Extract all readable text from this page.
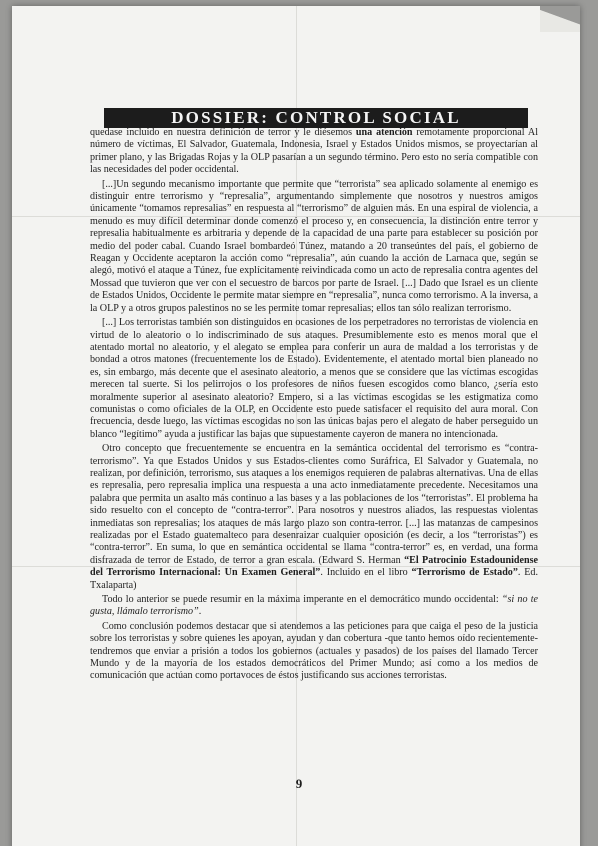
DOSSIER: CONTROL SOCIAL

quedase incluido en nuestra definición de terror y le diésemos una atención remotamente proporcional Al número de víctimas, El Salvador, Guatemala, Indonesia, Israel y Estados Unidos mismos, se proyectarían al primer plano, y las Brigadas Rojas y la OLP pasarían a un segundo término. Pero esto no sería compatible con las necesidades del poder occidental.

[...]Un segundo mecanismo importante que permite que “terrorista” sea aplicado solamente al enemigo es distinguir entre terrorismo y “represalia”, argumentando simplemente que nosotros y nuestros amigos únicamente “tomamos represalias” en respuesta al “terrorismo” de alguien más. En una espiral de violencia, a menudo es muy difícil determinar donde comenzó el proceso y, en consecuencia, la distinción entre terror y represalia habitualmente es arbitraria y depende de la capacidad de una parte para establecer su posición por medio del poder cabal. Cuando Israel bombardeó Túnez, matando a 20 transeúntes del país, el gobierno de Reagan y Occidente aceptaron la acción como “represalia”, aún cuando la acción de Larnaca que, según se alegó, motivó el ataque a Túnez, fue explícitamente reivindicada como un acto de represalia contra agentes del Mossad que tuvieron que ver con el secuestro de barcos por parte de Israel. [...] Dado que Israel es un cliente de Estados Unidos, Occidente le permite matar siempre en “represalia”, nunca como terrorismo. A la inversa, a la OLP y a otros grupos palestinos no se les permite tomar represalias; ellos tan sólo realizan terrorismo.

[...] Los terroristas también son distinguidos en ocasiones de los perpetradores no terroristas de violencia en virtud de lo aleatorio o lo indiscriminado de sus ataques. Presumiblemente esto es menos moral que el atentado mortal no aleatorio, y el alegato se emplea para conferir un aura de maldad a los terroristas y de bondad a otros matones (frecuentemente los de Estado). Evidentemente, el atentado mortal bien planeado no es, sin embargo, más decente que el asesinato aleatorio, a menos que se considere que las víctimas escogidas merecen tal suerte. Si los pelirrojos o los profesores de niños fuesen escogidos como blanco, ¿sería esto moralmente superior al asesinato aleatorio? Empero, si a las víctimas escogidas se les estigmatiza como comunistas o como oficiales de la OLP, en Occidente esto puede satisfacer el requisito del aura moral. Con frecuencia, desde luego, las víctimas escogidas no son las únicas bajas pero el alegato de haber perseguido un blanco “legítimo” ayuda a justificar las bajas que supuestamente cayeron de manera no intencionada.

Otro concepto que frecuentemente se encuentra en la semántica occidental del terrorismo es “contra-terrorismo”. Ya que Estados Unidos y sus Estados-clientes como Suráfrica, El Salvador y Guatemala, no realizan, por definición, terrorismo, sus ataques a los enemigos requieren de palabras alternativas. Una de ellas es represalia, pero represalia implica una respuesta a una acto inmediatamente precedente. Necesitamos una palabra que permita un asalto más continuo a las bases y a las poblaciones de los “terroristas”. El problema ha sido resuelto con el concepto de “contra-terror”. Para nosotros y nuestros aliados, las respuestas violentas inmediatas son represalias; los ataques de más largo plazo son contra-terror. [...] las matanzas de campesinos realizadas por el Estado guatemalteco para desenraizar cualquier oposición (es decir, a los “terroristas”) es “contra-terror”. En suma, lo que en semántica occidental se llama “contra-terror” es, en verdad, una forma disfrazada de terror de Estado, de terror a gran escala. (Edward S. Herman “El Patrocinio Estadounidense del Terrorismo Internacional: Un Examen General”. Incluido en el libro “Terrorismo de Estado”. Ed. Txalaparta)

Todo lo anterior se puede resumir en la máxima imperante en el democrático mundo occidental: “si no te gusta, llámalo terrorismo”.

Como conclusión podemos destacar que si atendemos a las peticiones para que caiga el peso de la justicia sobre los terroristas y sobre quienes les apoyan, ayudan y dan cobertura -que tanto hemos oído recientemente- tendremos que enviar a prisión a todos los gobiernos (actuales y pasados) de los países del llamado Tercer Mundo y de la mayoría de los estados democráticos del Primer Mundo; así como a los medios de comunicación que actúan como portavoces de éstos justificando sus acciones terroristas.

9
